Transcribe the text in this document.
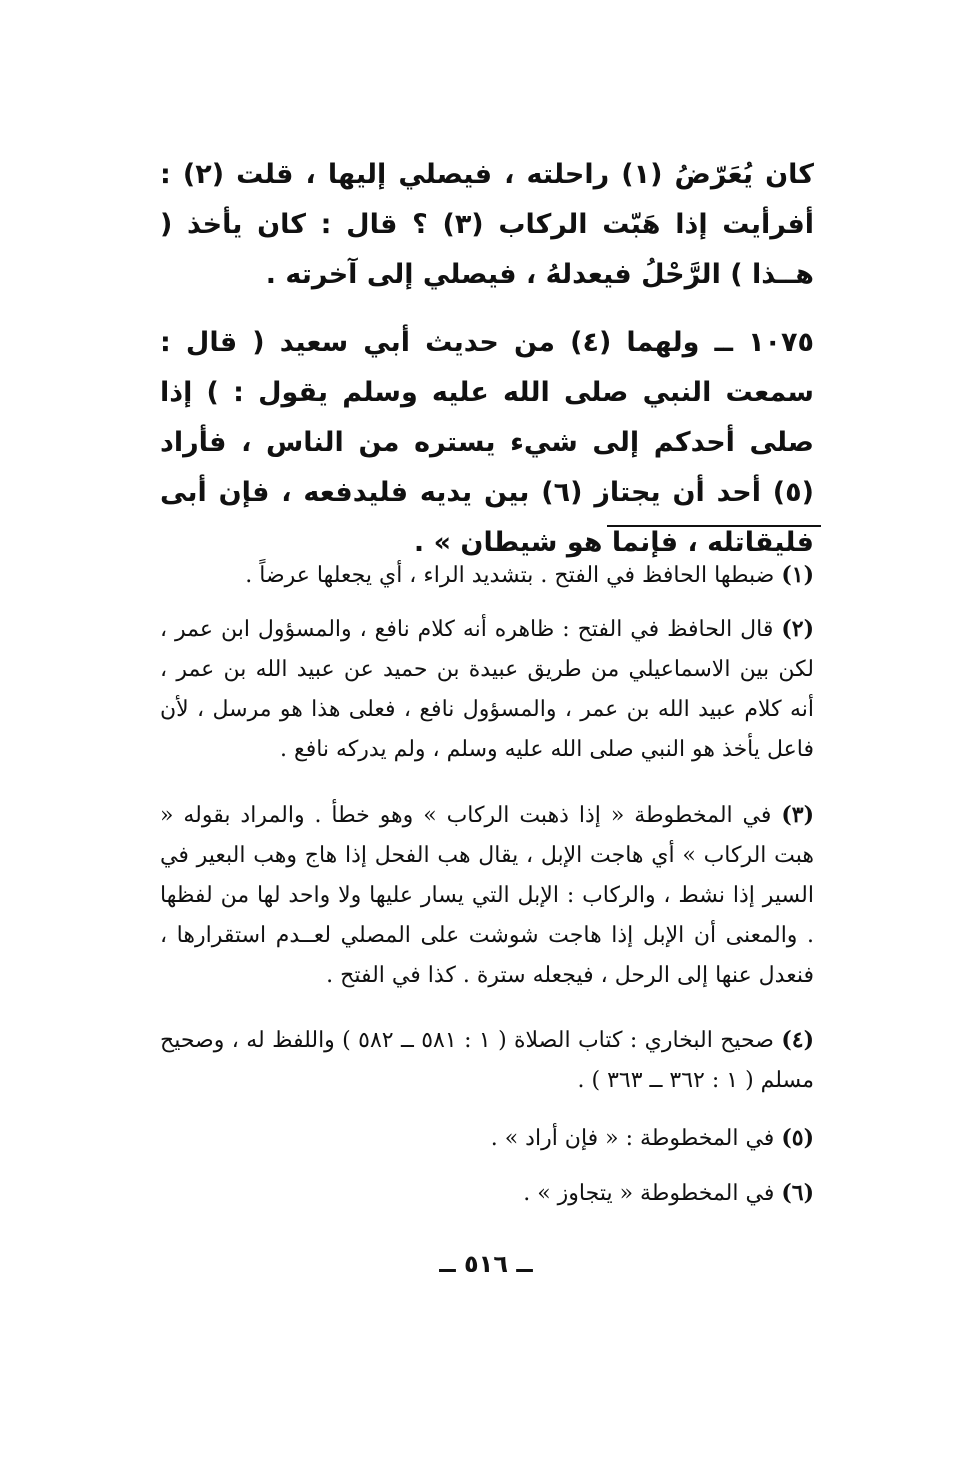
كان يُعَرّضُ (١) راحلته ، فيصلي إليها ، قلت (٢) : أفرأيت إذا هَبّت الركاب (٣) ؟ قال : كان يأخذ ( هــذا ) الرَّحْلُ فيعدلهُ ، فيصلي إلى آخرته .
١٠٧٥ ــ ولهما (٤) من حديث أبي سعيد ( قال : سمعت النبي صلى الله عليه وسلم يقول : ) إذا صلى أحدكم إلى شيء يستره من الناس ، فأراد (٥) أحد أن يجتاز (٦) بين يديه فليدفعه ، فإن أبى فليقاتله ، فإنما هو شيطان » .
(١) ضبطها الحافظ في الفتح . بتشديد الراء ، أي يجعلها عرضاً .
(٢) قال الحافظ في الفتح : ظاهره أنه كلام نافع ، والمسؤول ابن عمر ، لكن بين الاسماعيلي من طريق عبيدة بن حميد عن عبيد الله بن عمر ، أنه كلام عبيد الله بن عمر ، والمسؤول نافع ، فعلى هذا هو مرسل ، لأن فاعل يأخذ هو النبي صلى الله عليه وسلم ، ولم يدركه نافع .
(٣) في المخطوطة « إذا ذهبت الركاب » وهو خطأ . والمراد بقوله « هبت الركاب » أي هاجت الإبل ، يقال هب الفحل إذا هاج وهب البعير في السير إذا نشط ، والركاب : الإبل التي يسار عليها ولا واحد لها من لفظها . والمعنى أن الإبل إذا هاجت شوشت على المصلي لعــدم استقرارها ، فنعدل عنها إلى الرحل ، فيجعله سترة . كذا في الفتح .
(٤) صحيح البخاري : كتاب الصلاة ( ١ : ٥٨١ ــ ٥٨٢ ) واللفظ له ، وصحيح مسلم ( ١ : ٣٦٢ ــ ٣٦٣ ) .
(٥) في المخطوطة : « فإن أراد » .
(٦) في المخطوطة « يتجاوز » .
ــ ٥١٦ ــ
